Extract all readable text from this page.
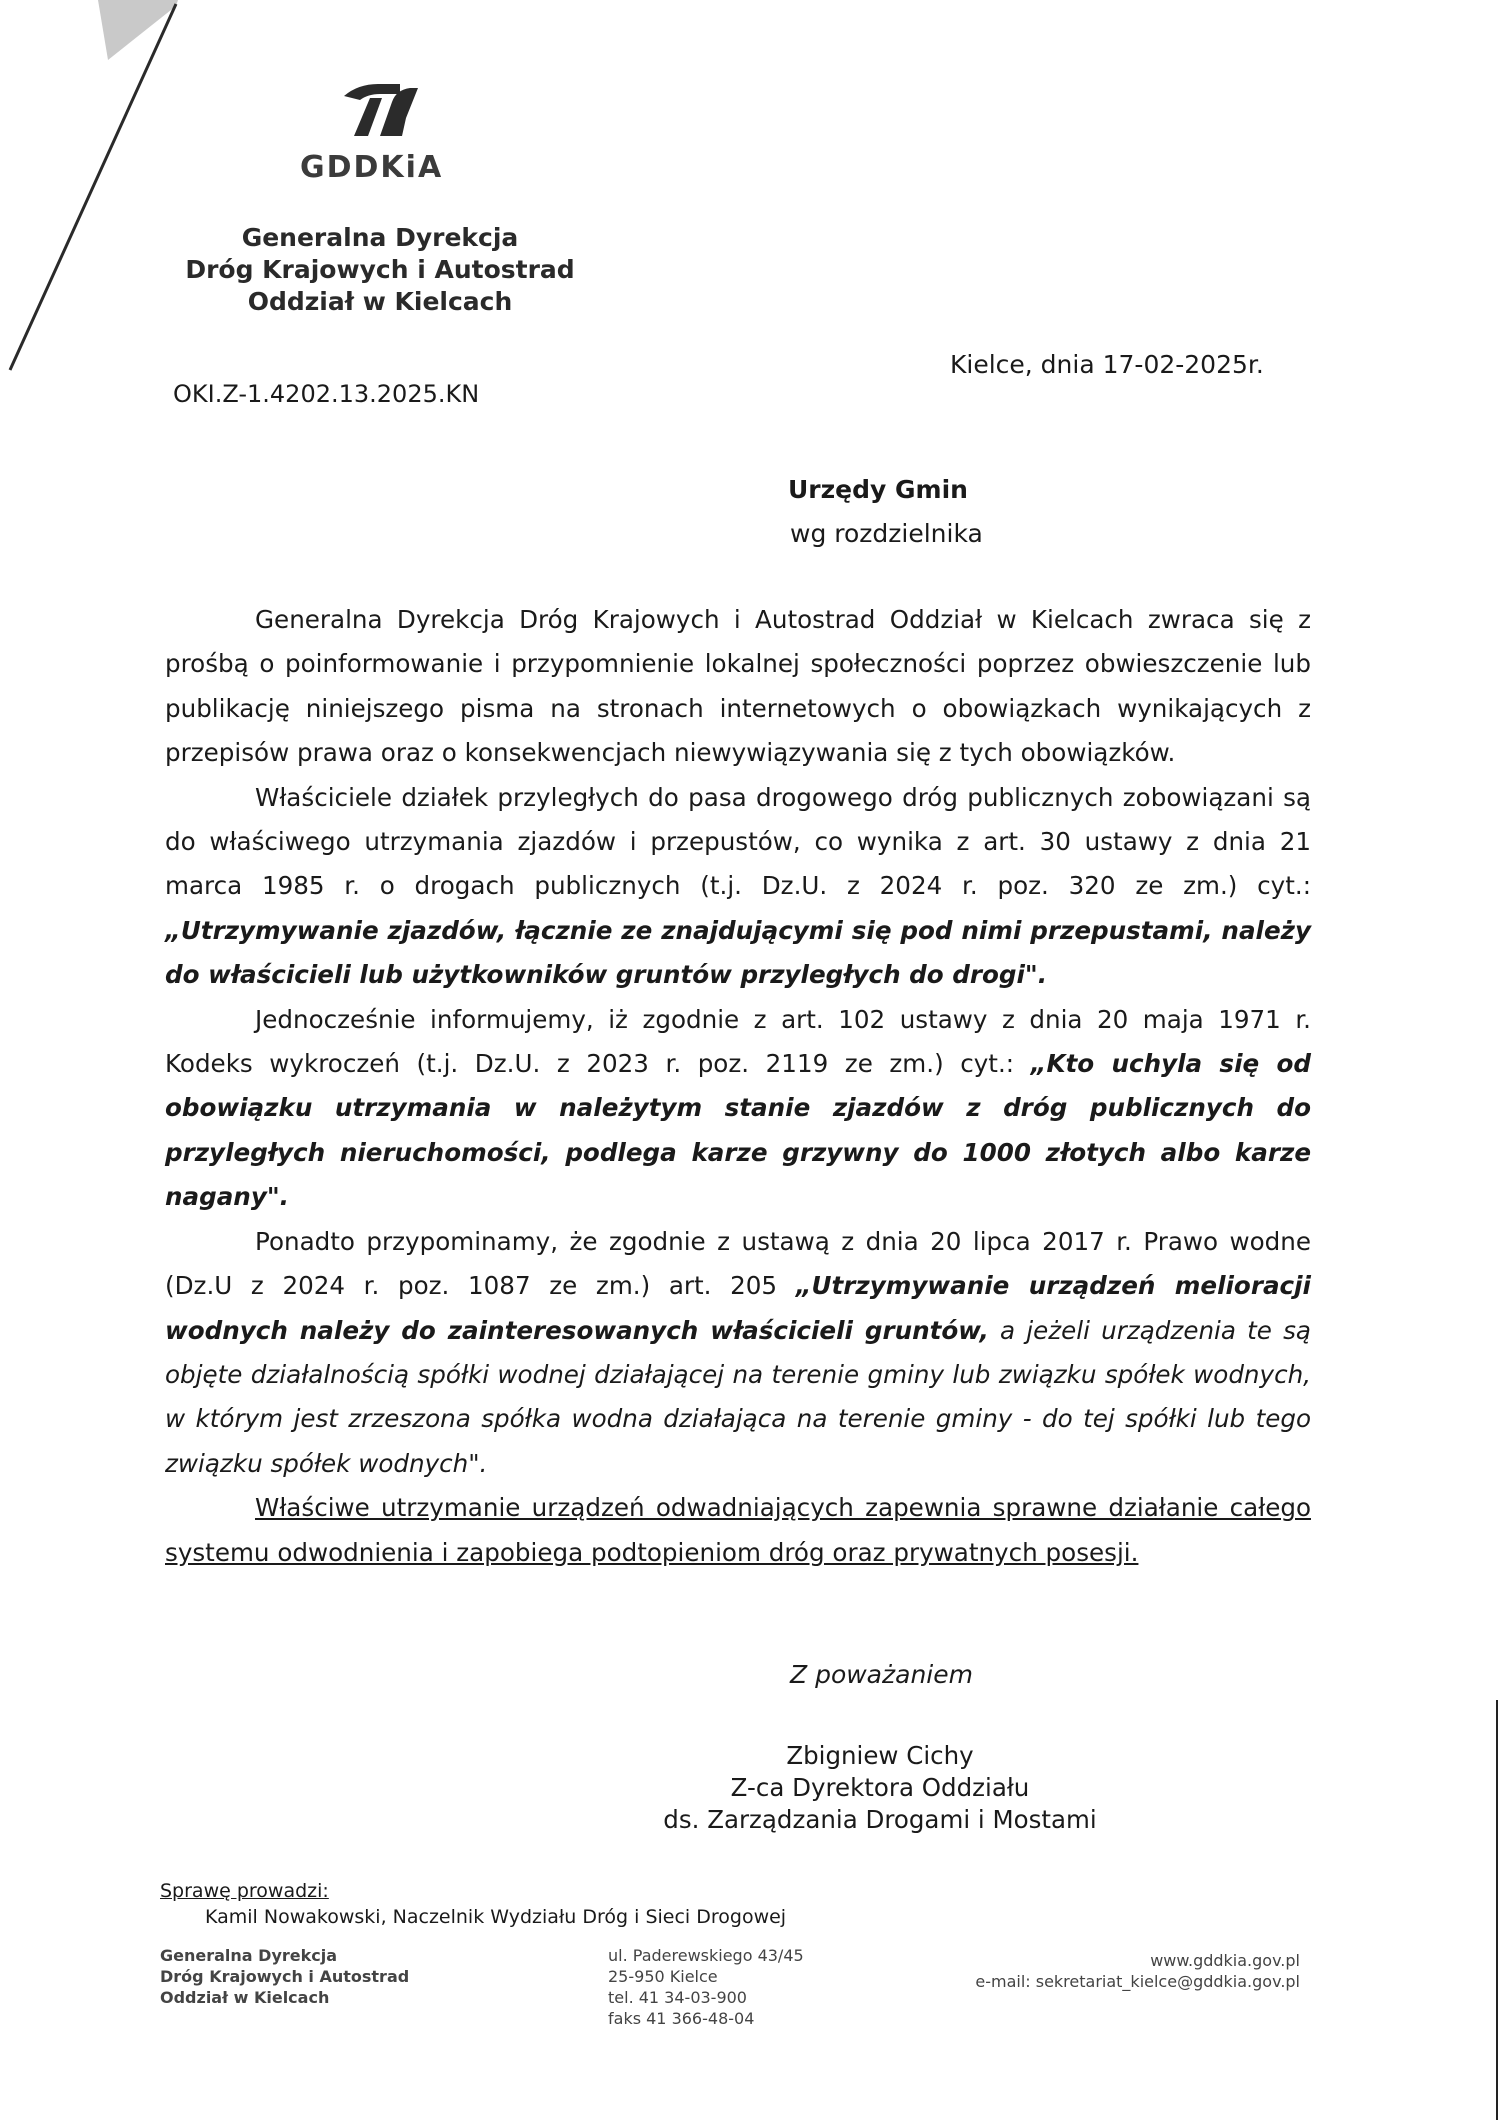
GDDKiA
Generalna Dyrekcja
Dróg Krajowych i Autostrad
Oddział w Kielcach
OKI.Z-1.4202.13.2025.KN
Kielce, dnia 17-02-2025r.
Urzędy Gmin
wg rozdzielnika

Generalna Dyrekcja Dróg Krajowych i Autostrad Oddział w Kielcach zwraca się z prośbą o poinformowanie i przypomnienie lokalnej społeczności poprzez obwieszczenie lub publikację niniejszego pisma na stronach internetowych o obowiązkach wynikających z przepisów prawa oraz o konsekwencjach niewywiązywania się z tych obowiązków.

Właściciele działek przyległych do pasa drogowego dróg publicznych zobowiązani są do właściwego utrzymania zjazdów i przepustów, co wynika z art. 30 ustawy z dnia 21 marca 1985 r. o drogach publicznych (t.j. Dz.U. z 2024 r. poz. 320 ze zm.) cyt.: „Utrzymywanie zjazdów, łącznie ze znajdującymi się pod nimi przepustami, należy do właścicieli lub użytkowników gruntów przyległych do drogi".

Jednocześnie informujemy, iż zgodnie z art. 102 ustawy z dnia 20 maja 1971 r. Kodeks wykroczeń (t.j. Dz.U. z 2023 r. poz. 2119 ze zm.) cyt.: „Kto uchyla się od obowiązku utrzymania w należytym stanie zjazdów z dróg publicznych do przyległych nieruchomości, podlega karze grzywny do 1000 złotych albo karze nagany".

Ponadto przypominamy, że zgodnie z ustawą z dnia 20 lipca 2017 r. Prawo wodne (Dz.U z 2024 r. poz. 1087 ze zm.) art. 205 „Utrzymywanie urządzeń melioracji wodnych należy do zainteresowanych właścicieli gruntów, a jeżeli urządzenia te są objęte działalnością spółki wodnej działającej na terenie gminy lub związku spółek wodnych, w którym jest zrzeszona spółka wodna działająca na terenie gminy - do tej spółki lub tego związku spółek wodnych".

Właściwe utrzymanie urządzeń odwadniających zapewnia sprawne działanie całego systemu odwodnienia i zapobiega podtopieniom dróg oraz prywatnych posesji.

Z poważaniem
Zbigniew Cichy
Z-ca Dyrektora Oddziału
ds. Zarządzania Drogami i Mostami
Sprawę prowadzi:
Kamil Nowakowski, Naczelnik Wydziału Dróg i Sieci Drogowej
Generalna Dyrekcja
Dróg Krajowych i Autostrad
Oddział w Kielcach
ul. Paderewskiego 43/45
25-950 Kielce
tel. 41 34-03-900
faks 41 366-48-04
www.gddkia.gov.pl
e-mail: sekretariat_kielce@gddkia.gov.pl
